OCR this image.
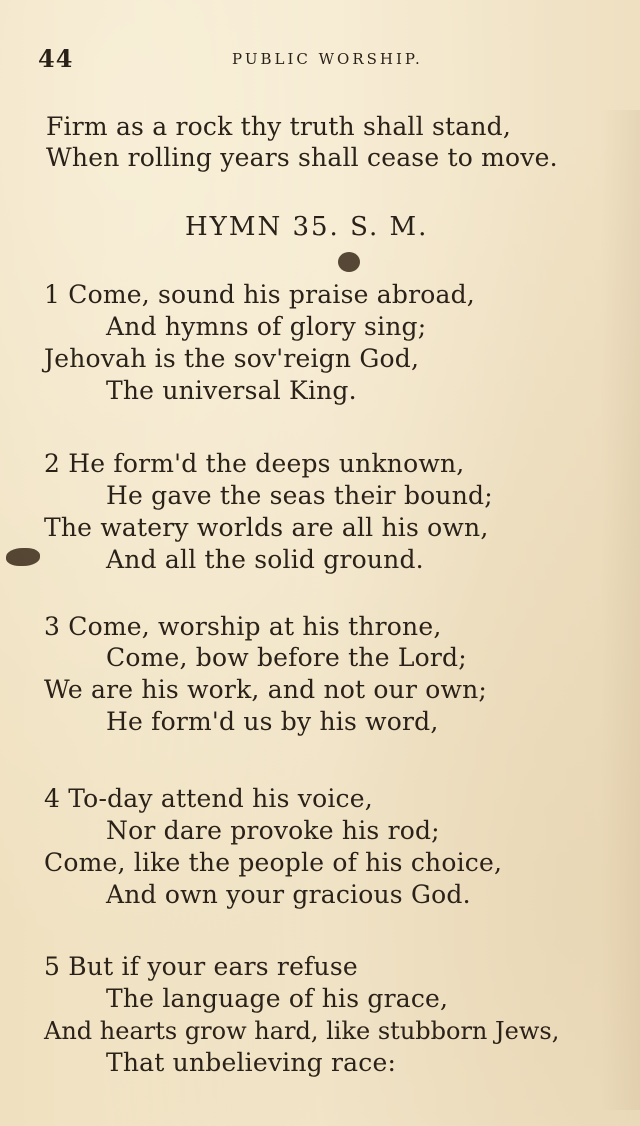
44	PUBLIC WORSHIP.
Firm as a rock thy truth shall stand,
When rolling years shall cease to move.
HYMN 35. S. M.
1 Come, sound his praise abroad,
And hymns of glory sing;
Jehovah is the sov'reign God,
The universal King.
2 He form'd the deeps unknown,
He gave the seas their bound;
The watery worlds are all his own,
And all the solid ground.
3 Come, worship at his throne,
Come, bow before the Lord;
We are his work, and not our own;
He form'd us by his word,
4 To-day attend his voice,
Nor dare provoke his rod;
Come, like the people of his choice,
And own your gracious God.
5 But if your ears refuse
The language of his grace,
And hearts grow hard, like stubborn Jews,
That unbelieving race:
